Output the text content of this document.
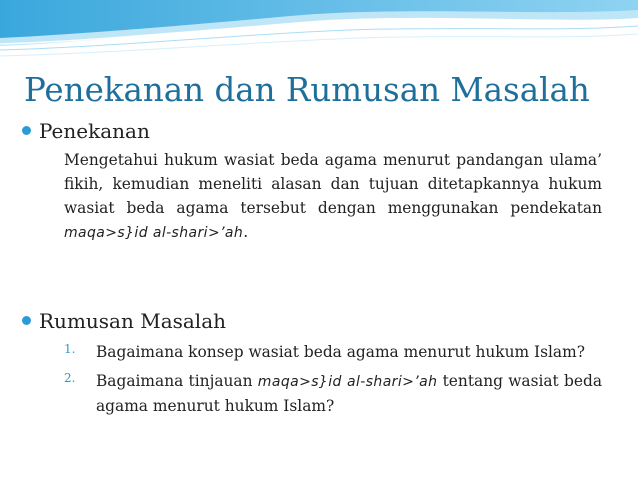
Penekanan dan Rumusan Masalah
Penekanan
Mengetahui hukum wasiat beda agama menurut pandangan ulama’ fikih, kemudian meneliti alasan dan tujuan ditetapkannya hukum wasiat beda agama tersebut dengan menggunakan pendekatan maqa>s}id al-shari>’ah.
Rumusan Masalah
1. Bagaimana konsep wasiat beda agama menurut hukum Islam?
2. Bagaimana tinjauan maqa>s}id al-shari>’ah tentang wasiat beda agama menurut hukum Islam?
